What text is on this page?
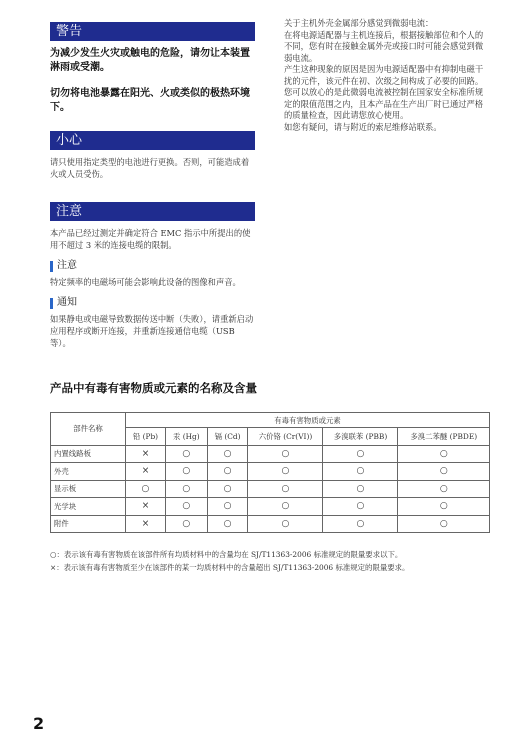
警告

为减少发生火灾或触电的危险，请勿让本装置淋雨或受潮。

切勿将电池暴露在阳光、火或类似的极热环境下。

小心

请只使用指定类型的电池进行更换。否则，可能造成着火或人员受伤。

注意

本产品已经过测定并确定符合 EMC 指示中所提出的使用不超过 3 米的连接电缆的限制。

注意

特定频率的电磁场可能会影响此设备的图像和声音。

通知

如果静电或电磁导致数据传送中断（失败），请重新启动应用程序或断开连接，并重新连接通信电缆（USB 等）。

关于主机外壳金属部分感觉到微弱电流：
在将电源适配器与主机连接后，根据接触部位和个人的不同，您有时在接触金属外壳或接口时可能会感觉到微弱电流。
产生这种现象的原因是因为电源适配器中有抑制电磁干扰的元件，该元件在初、次级之间构成了必要的回路。
您可以放心的是此微弱电流被控制在国家安全标准所规定的限值范围之内，且本产品在生产出厂时已通过严格的质量检查，因此请您放心使用。
如您有疑问，请与附近的索尼维修站联系。

产品中有毒有害物质或元素的名称及含量
部件名称	有毒有害物质或元素					
	铅 (Pb)	汞 (Hg)	镉 (Cd)	六价铬 (Cr(VI))	多溴联苯 (PBB)	多溴二苯醚 (PBDE)
内置线路板	×	○	○	○	○	○
外壳	×	○	○	○	○	○
显示板	○	○	○	○	○	○
光学块	×	○	○	○	○	○
附件	×	○	○	○	○	○
○：表示该有毒有害物质在该部件所有均质材料中的含量均在 SJ/T11363-2006 标准规定的限量要求以下。
×：表示该有毒有害物质至少在该部件的某一均质材料中的含量超出 SJ/T11363-2006 标准规定的限量要求。
2
